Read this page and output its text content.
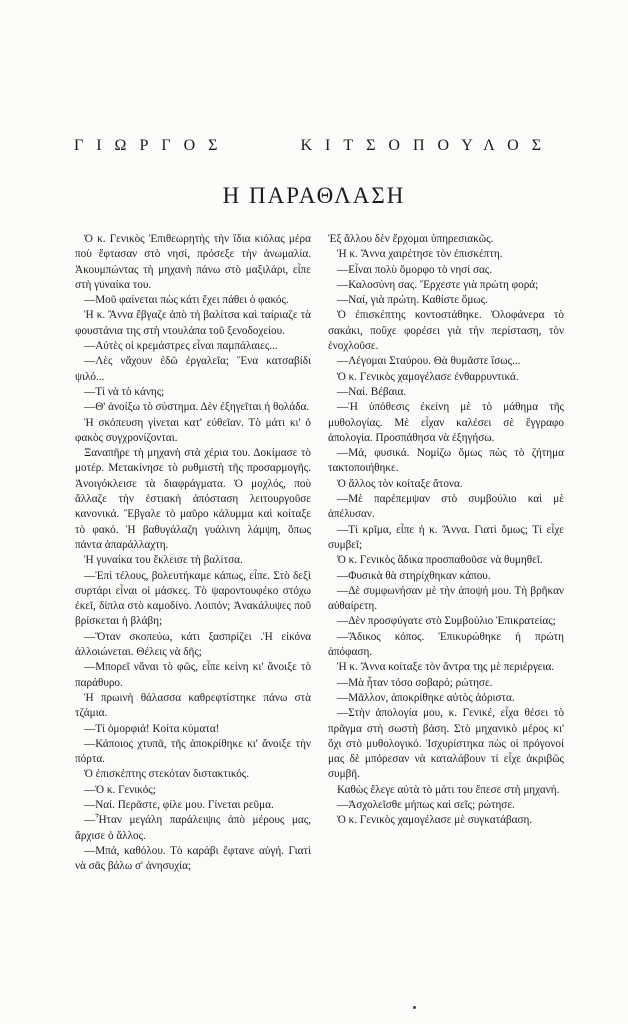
ΓΙΩΡΓΟΣ	ΚΙΤΣΟΠΟΥΛΟΣ
Η ΠΑΡΑΘΛΑΣΗ

Ὁ κ. Γενικὸς Ἐπιθεωρητὴς τὴν ἴδια κιόλας μέρα ποὺ ἔφτασαν στὸ νησί, πρόσεξε τὴν ἀνωμαλία. Ἀκουμπώντας τὴ μηχανὴ πάνω στὸ μαξιλάρι, εἶπε στὴ γυναίκα του.

—Μοῦ φαίνεται πὼς κάτι ἔχει πάθει ὁ φακός.

Ἡ κ. Ἄννα ἔβγαζε ἀπὸ τὴ βαλίτσα καὶ ταίριαζε τὰ φουστάνια της στὴ ντουλάπα τοῦ ξενοδοχείου.

—Αὐτὲς οἱ κρεμάστρες εἶναι παμπάλαιες...

—Λὲς νἄχουν ἐδῶ ἐργαλεῖα; Ἕνα κατσαβίδι ψιλό...

—Τί νὰ τὸ κάνης;

—Θ' ἀνοίξω τὸ σύστημα. Δὲν ἐξηγεῖται ἡ θολάδα.

Ἡ σκόπευση γίνεται κατ' εὐθεῖαν. Τὸ μάτι κι' ὁ φακὸς συγχρονίζονται.

Ξαναπῆρε τὴ μηχανὴ στὰ χέρια του. Δοκίμασε τὸ μοτέρ. Μετακίνησε τὸ ρυθμιστὴ τῆς προσαρμογῆς. Ἀνοιγόκλεισε τὰ διαφράγματα. Ὁ μοχλός, ποὺ ἄλλαζε τὴν ἑστιακὴ ἀπόσταση λειτουργοῦσε κανονικά. Ἔβγαλε τὸ μαῦρο κάλυμμα καὶ κοίταξε τὸ φακό. Ἡ βαθυγάλαζη γυάλινη λάμψη, ὅπως πάντα ἀπαράλλαχτη.

Ἡ γυναίκα του ἔκλεισε τὴ βαλίτσα.

—Ἐπὶ τέλους, βολευτήκαμε κάπως, εἶπε. Στὸ δεξὶ συρτάρι εἶναι οἱ μάσκες. Τὸ ψαροντουφέκο στόχω ἐκεῖ, δίπλα στὸ καμοδίνο. Λοιπόν; Ἀνακάλυψες ποῦ βρίσκεται ἡ βλάβη;

—Ὅταν σκοπεύω, κάτι ξασπρίζει .Ἡ εἰκόνα ἀλλοιώνεται. Θέλεις νὰ δῆς;

—Μπορεῖ νἄναι τὸ φῶς, εἶπε κείνη κι' ἄνοιξε τὸ παράθυρο.

Ἡ πρωινὴ θάλασσα καθρεφτίστηκε πάνω στὰ τζάμια.

—Τί ὀμορφιά! Κοίτα κύματα!

—Κάποιος χτυπᾶ, τῆς ἀποκρίθηκε κι' ἄνοιξε τὴν πόρτα.

Ὁ ἐπισκέπτης στεκόταν διστακτικός.

—Ὁ κ. Γενικός;

—Ναί. Περᾶστε, φίλε μου. Γίνεται ρεῦμα.

—Ἦταν μεγάλη παράλειψις ἀπὸ μέρους μας, ἄρχισε ὁ ἄλλος.

—Μπά, καθόλου. Τὸ καράβι ἔφτανε αὐγή. Γιατὶ νὰ σᾶς βάλω σ' ἀνησυχία;

Ἐξ ἄλλου δὲν ἔρχομαι ὑπηρεσιακῶς.

Ἡ κ. Ἄννα χαιρέτησε τὸν ἐπισκέπτη.

—Εἶναι πολὺ ὄμορφο τὸ νησί σας.

—Καλοσύνη σας. Ἔρχεστε γιὰ πρώτη φορά;

—Ναί, γιὰ πρώτη. Καθίστε ὅμως.

Ὁ ἐπισκέπτης κοντοστάθηκε. Ὁλοφάνερα τὸ σακάκι, ποὔχε φορέσει γιὰ τὴν περίσταση, τὸν ἐνοχλοῦσε.

—Λέγομαι Σταύρου. Θὰ θυμᾶστε ἴσως...

Ὁ κ. Γενικὸς χαμογέλασε ἐνθαρρυντικά.

—Ναί. Βέβαια.

—Ἡ ὑπόθεσις ἐκείνη μὲ τὸ μάθημα τῆς μυθολογίας. Μὲ εἶχαν καλέσει σὲ ἔγγραφο ἀπολογία. Προσπάθησα νὰ ἐξηγήσω.

—Μά, φυσικά. Νομίζω ὅμως πὼς τὸ ζήτημα τακτοποιήθηκε.

Ὁ ἄλλος τὸν κοίταξε ἄτονα.

—Μὲ παρέπεμψαν στὸ συμβούλιο καὶ μὲ ἀπέλυσαν.

—Τί κρῖμα, εἶπε ἡ κ. Ἄννα. Γιατὶ ὅμως; Τί εἶχε συμβεῖ;

Ὁ κ. Γενικὸς ἄδικα προσπαθοῦσε νὰ θυμηθεῖ.

—Φυσικὰ θὰ στηρίχθηκαν κάπου.

—Δὲ συμφωνήσαν μὲ τὴν ἀποψή μου. Τὴ βρῆκαν αὐθαίρετη.

—Δὲν προσφύγατε στὸ Συμβούλιο Ἐπικρατείας;

—Ἄδικος κόπος. Ἐπικυρώθηκε ἡ πρώτη ἀπόφαση.

Ἡ κ. Ἄννα κοίταξε τὸν ἄντρα της μὲ περιέργεια.

—Μὰ ἦταν τόσο σοβαρό; ρώτησε.

—Μᾶλλον, ἀποκρίθηκε αὐτὸς ἀόριστα.

—Στὴν ἀπολογία μου, κ. Γενικέ, εἶχα θέσει τὸ πρᾶγμα στὴ σωστὴ βάση. Στὸ μηχανικὸ μέρος κι' ὄχι στὸ μυθολογικό. Ἰσχυρίστηκα πὼς οἱ πρόγονοί μας δὲ μπόρεσαν νὰ καταλάβουν τί εἶχε ἀκριβῶς συμβῆ.

Καθὼς ἔλεγε αὐτὰ τὸ μάτι του ἔπεσε στὴ μηχανή.

—Ἀσχολεῖσθε μήπως καὶ σεῖς; ρώτησε.

Ὁ κ. Γενικὸς χαμογέλασε μὲ συγκατάβαση.
